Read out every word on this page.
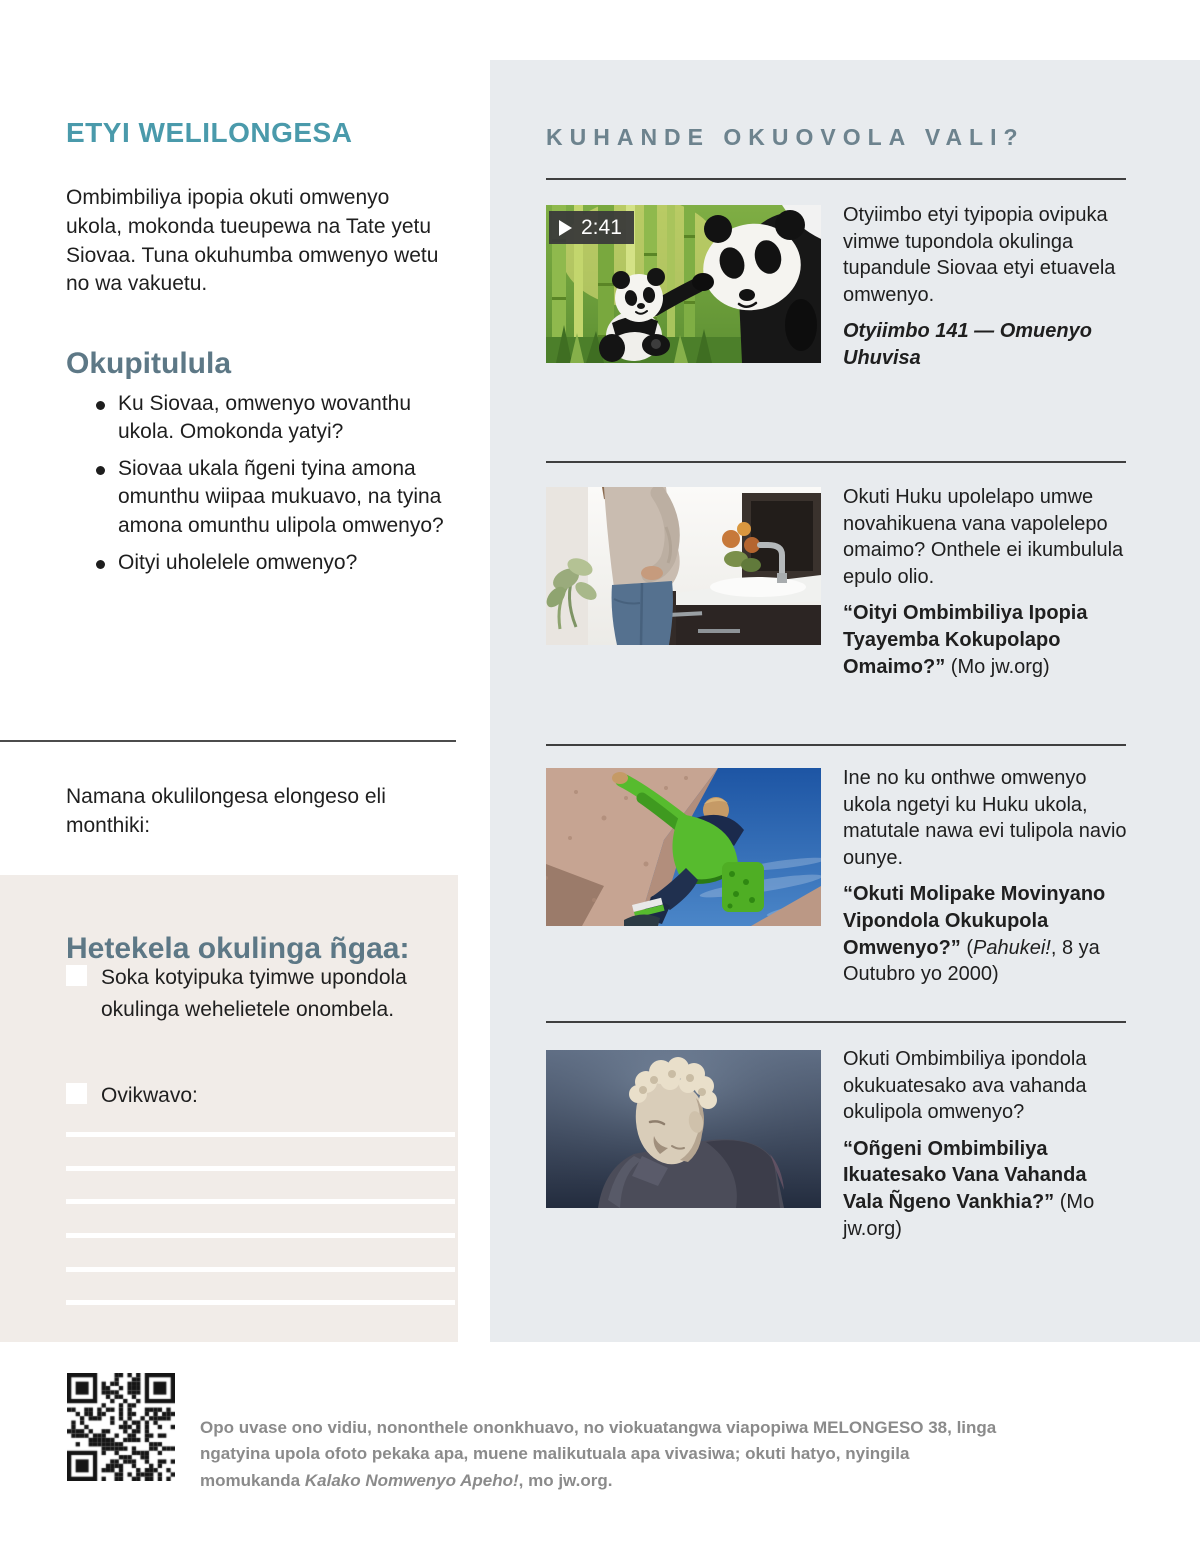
ETYI WELILONGESA

Ombimbiliya ipopia okuti omwenyo ukola, mokonda tueupewa na Tate yetu Siovaa. Tuna okuhumba omwenyo wetu no wa vakuetu.

Okupitulula
Ku Siovaa, omwenyo wovanthu ukola. Omokonda yatyi?
Siovaa ukala ñgeni tyina amona omunthu wiipaa mukuavo, na tyina amona omunthu ulipola omwenyo?
Oityi uholelele omwenyo?

Namana okulilongesa elongeso eli monthiki:

Hetekela okulinga ñgaa:
Soka kotyipuka tyimwe upondola okulinga wehelietele onombela.
Ovikwavo:
KUHANDE OKUOVOLA VALI?
2:41

Otyiimbo etyi tyipopia ovipuka vimwe tupondola okulinga tupandule Siovaa etyi etuavela omwenyo.

Otyiimbo 141 — Omuenyo Uhuvisa

Okuti Huku upolelapo umwe novahikuena vana vapolelepo omaimo? Onthele ei ikumbulula epulo olio.

“Oityi Ombimbiliya Ipopia Tyayemba Kokupolapo Omaimo?” (Mo jw.org)

Ine no ku onthwe omwenyo ukola ngetyi ku Huku ukola, matutale nawa evi tulipola navio ounye.

“Okuti Molipake Movinyano Vipondola Okukupola Omwenyo?” (Pahukei!, 8 ya Outubro yo 2000)

Okuti Ombimbiliya ipondola okukuatesako ava vahanda okulipola omwenyo?

“Oñgeni Ombimbiliya Ikuatesako Vana Vahanda Vala Ñgeno Vankhia?” (Mo jw.org)

Opo uvase ono vidiu, nononthele ononkhuavo, no viokuatangwa viapopiwa MELONGESO 38, linga ngatyina upola ofoto pekaka apa, muene malikutuala apa vivasiwa; okuti hatyo, nyingila momukanda Kalako Nomwenyo Apeho!, mo jw.org.
